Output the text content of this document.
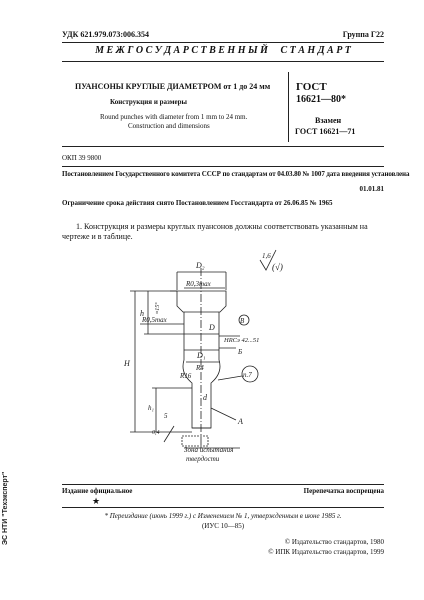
УДК 621.979.073:006.354	Группа Г22
М Е Ж Г О С У Д А Р С Т В Е Н Н Ы Й     С Т А Н Д А Р Т
ПУАНСОНЫ КРУГЛЫЕ ДИАМЕТРОМ от 1 до 24 мм
Конструкция и размеры
Round punches with diameter from 1 mm to 24 mm.
Construction and dimensions
ГОСТ
16621—80*
Взамен
ГОСТ 16621—71
ОКП 39 9800
Постановлением Государственного комитета СССР по стандартам от 04.03.80 № 1007 дата введения установлена
01.01.81
Ограничение срока действия снято Постановлением Госстандарта от 26.06.85 № 1965
1. Конструкция и размеры круглых пуансонов должны соответствовать указанным на чертеже и в таблице.
1,6
(√)
D₂
R0,3max
R0,5max
≈15°
D
В
HRCэ 42...51
D₁	Б
R4
R16	п.7
H
h
h₁
5
d
A
0,4
Зона испытания
твердости
Издание официальное	Перепечатка воспрещена
★
* Переиздание (июнь 1999 г.) с Изменением № 1, утвержденным в июне 1985 г.
(ИУС 10—85)
© Издательство стандартов, 1980
© ИПК Издательство стандартов, 1999
ЭС НТИ "Техэксперт"
